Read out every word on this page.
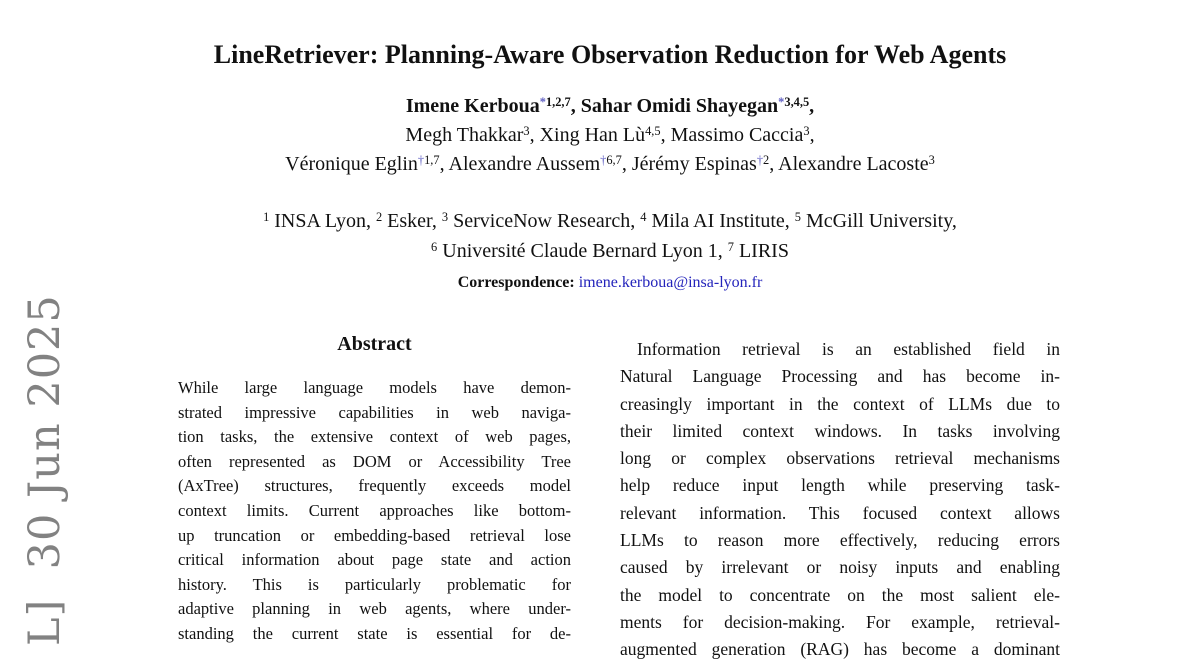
L]  30 Jun 2025
LineRetriever: Planning-Aware Observation Reduction for Web Agents
Imene Kerboua$^{*1,2,7}$, Sahar Omidi Shayegan$^{*3,4,5}$,
Megh Thakkar$^3$, Xing Han Lù$^{4,5}$, Massimo Caccia$^3$,
Véronique Eglin$^{\dagger 1,7}$, Alexandre Aussem$^{\dagger 6,7}$, Jérémy Espinas$^{\dagger 2}$, Alexandre Lacoste$^3$
$^1$ INSA Lyon, $^2$ Esker, $^3$ ServiceNow Research, $^4$ Mila AI Institute, $^5$ McGill University,
$^6$ Université Claude Bernard Lyon 1, $^7$ LIRIS
Correspondence: imene.kerboua@insa-lyon.fr
Abstract
While large language models have demon-
strated impressive capabilities in web naviga-
tion tasks, the extensive context of web pages,
often represented as DOM or Accessibility Tree
(AxTree) structures, frequently exceeds model
context limits. Current approaches like bottom-
up truncation or embedding-based retrieval lose
critical information about page state and action
history. This is particularly problematic for
adaptive planning in web agents, where under-
standing the current state is essential for de-
Information retrieval is an established field in
Natural Language Processing and has become in-
creasingly important in the context of LLMs due to
their limited context windows. In tasks involving
long or complex observations retrieval mechanisms
help reduce input length while preserving task-
relevant information. This focused context allows
LLMs to reason more effectively, reducing errors
caused by irrelevant or noisy inputs and enabling
the model to concentrate on the most salient ele-
ments for decision-making. For example, retrieval-
augmented generation (RAG) has become a dominant
